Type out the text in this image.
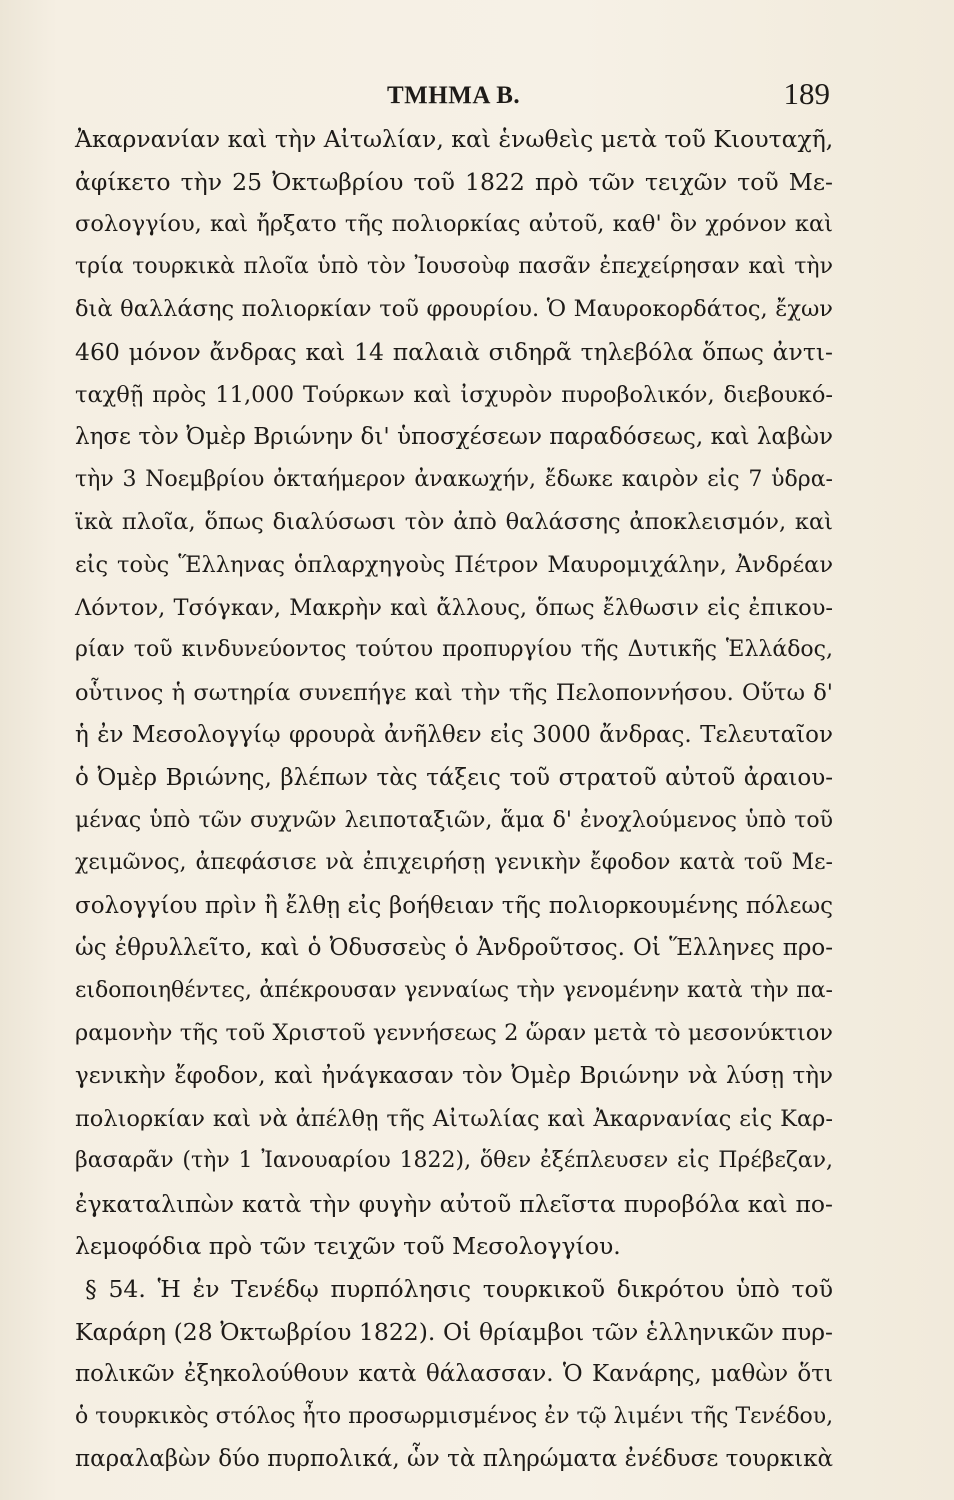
ΤΜΗΜΑ Β.	189
Ἀκαρνανίαν καὶ τὴν Αἰτωλίαν, καὶ ἑνωθεὶς μετὰ τοῦ Κιουταχῆ,
ἀφίκετο τὴν 25 Ὀκτωβρίου τοῦ 1822 πρὸ τῶν τειχῶν τοῦ Με-
σολογγίου, καὶ ἤρξατο τῆς πολιορκίας αὐτοῦ, καθ' ὃν χρόνον καὶ
τρία τουρκικὰ πλοῖα ὑπὸ τὸν Ἰουσοὺφ πασᾶν ἐπεχείρησαν καὶ τὴν
διὰ θαλλάσης πολιορκίαν τοῦ φρουρίου. Ὁ Μαυροκορδάτος, ἔχων
460 μόνον ἄνδρας καὶ 14 παλαιὰ σιδηρᾶ τηλεβόλα ὅπως ἀντι-
ταχθῇ πρὸς 11,000 Τούρκων καὶ ἰσχυρὸν πυροβολικόν, διεβουκό-
λησε τὸν Ὀμὲρ Βριώνην δι' ὑποσχέσεων παραδόσεως, καὶ λαβὼν
τὴν 3 Νοεμβρίου ὀκταήμερον ἀνακωχήν, ἔδωκε καιρὸν εἰς 7 ὑδρα-
ϊκὰ πλοῖα, ὅπως διαλύσωσι τὸν ἀπὸ θαλάσσης ἀποκλεισμόν, καὶ
εἰς τοὺς Ἕλληνας ὁπλαρχηγοὺς Πέτρον Μαυρομιχάλην, Ἀνδρέαν
Λόντον, Τσόγκαν, Μακρὴν καὶ ἄλλους, ὅπως ἔλθωσιν εἰς ἐπικου-
ρίαν τοῦ κινδυνεύοντος τούτου προπυργίου τῆς Δυτικῆς Ἑλλάδος,
οὗτινος ἡ σωτηρία συνεπήγε καὶ τὴν τῆς Πελοποννήσου. Οὕτω δ'
ἡ ἐν Μεσολογγίῳ φρουρὰ ἀνῆλθεν εἰς 3000 ἄνδρας. Τελευταῖον
ὁ Ὀμὲρ Βριώνης, βλέπων τὰς τάξεις τοῦ στρατοῦ αὐτοῦ ἀραιου-
μένας ὑπὸ τῶν συχνῶν λειποταξιῶν, ἅμα δ' ἐνοχλούμενος ὑπὸ τοῦ
χειμῶνος, ἀπεφάσισε νὰ ἐπιχειρήσῃ γενικὴν ἔφοδον κατὰ τοῦ Με-
σολογγίου πρὶν ἢ ἔλθῃ εἰς βοήθειαν τῆς πολιορκουμένης πόλεως
ὡς ἐθρυλλεῖτο, καὶ ὁ Ὀδυσσεὺς ὁ Ἀνδροῦτσος. Οἱ Ἕλληνες προ-
ειδοποιηθέντες, ἀπέκρουσαν γενναίως τὴν γενομένην κατὰ τὴν πα-
ραμονὴν τῆς τοῦ Χριστοῦ γεννήσεως 2 ὥραν μετὰ τὸ μεσονύκτιον
γενικὴν ἔφοδον, καὶ ἠνάγκασαν τὸν Ὀμὲρ Βριώνην νὰ λύσῃ τὴν
πολιορκίαν καὶ νὰ ἀπέλθῃ τῆς Αἰτωλίας καὶ Ἀκαρνανίας εἰς Καρ-
βασαρᾶν (τὴν 1 Ἰανουαρίου 1822), ὅθεν ἐξέπλευσεν εἰς Πρέβεζαν,
ἐγκαταλιπὼν κατὰ τὴν φυγὴν αὐτοῦ πλεῖστα πυροβόλα καὶ πο-
λεμοφόδια πρὸ τῶν τειχῶν τοῦ Μεσολογγίου.
§ 54. Ἡ ἐν Τενέδῳ πυρπόλησις τουρκικοῦ δικρότου ὑπὸ τοῦ
Καράρη (28 Ὀκτωβρίου 1822). Οἱ θρίαμβοι τῶν ἑλληνικῶν πυρ-
πολικῶν ἐξηκολούθουν κατὰ θάλασσαν. Ὁ Κανάρης, μαθὼν ὅτι
ὁ τουρκικὸς στόλος ἦτο προσωρμισμένος ἐν τῷ λιμένι τῆς Τενέδου,
παραλαβὼν δύο πυρπολικά, ὧν τὰ πληρώματα ἐνέδυσε τουρκικὰ
